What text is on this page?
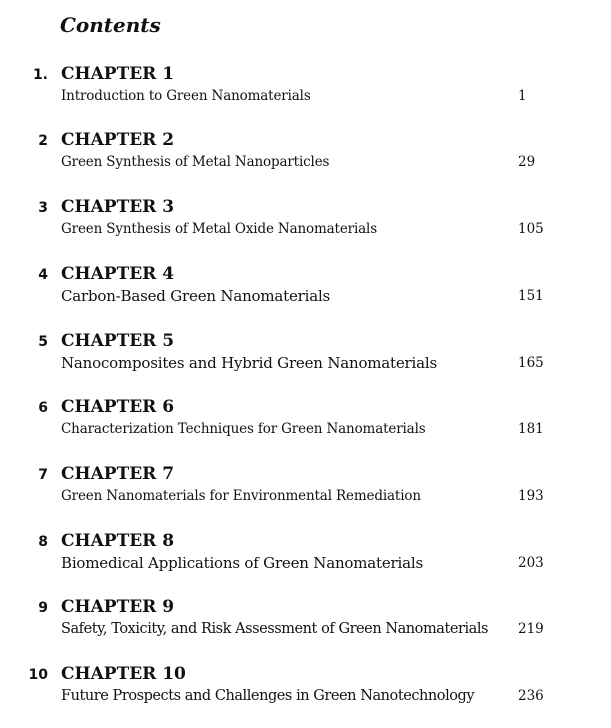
Contents
1. CHAPTER 1
Introduction to Green Nanomaterials	1
2 CHAPTER 2
Green Synthesis of Metal Nanoparticles	29
3 CHAPTER 3
Green Synthesis of Metal Oxide Nanomaterials	105
4 CHAPTER 4
Carbon-Based Green Nanomaterials	151
5 CHAPTER 5
Nanocomposites and Hybrid Green Nanomaterials	165
6 CHAPTER 6
Characterization Techniques for Green Nanomaterials	181
7 CHAPTER 7
Green Nanomaterials for Environmental Remediation	193
8 CHAPTER 8
Biomedical Applications of Green Nanomaterials	203
9 CHAPTER 9
Safety, Toxicity, and Risk Assessment of Green Nanomaterials 219
10 CHAPTER 10
Future Prospects and Challenges in Green Nanotechnology	236
